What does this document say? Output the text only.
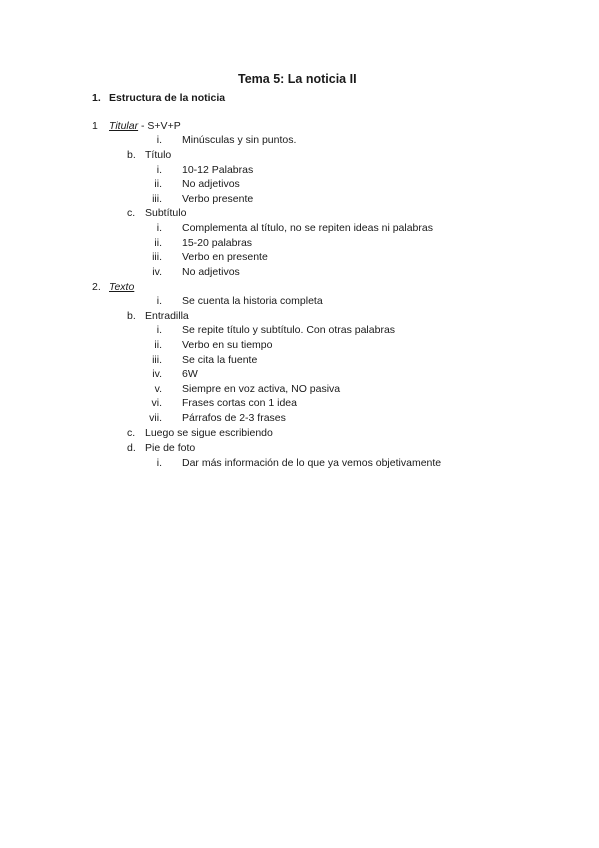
Tema 5: La noticia II
1. Estructura de la noticia
1 Titular - S+V+P
i. Minúsculas y sin puntos.
b. Título
i. 10-12 Palabras
ii. No adjetivos
iii. Verbo presente
c. Subtítulo
i. Complementa al título, no se repiten ideas ni palabras
ii. 15-20 palabras
iii. Verbo en presente
iv. No adjetivos
2. Texto
i. Se cuenta la historia completa
b. Entradilla
i. Se repite título y subtítulo. Con otras palabras
ii. Verbo en su tiempo
iii. Se cita la fuente
iv. 6W
v. Siempre en voz activa, NO pasiva
vi. Frases cortas con 1 idea
vii. Párrafos de 2-3 frases
c. Luego se sigue escribiendo
d. Pie de foto
i. Dar más información de lo que ya vemos objetivamente
